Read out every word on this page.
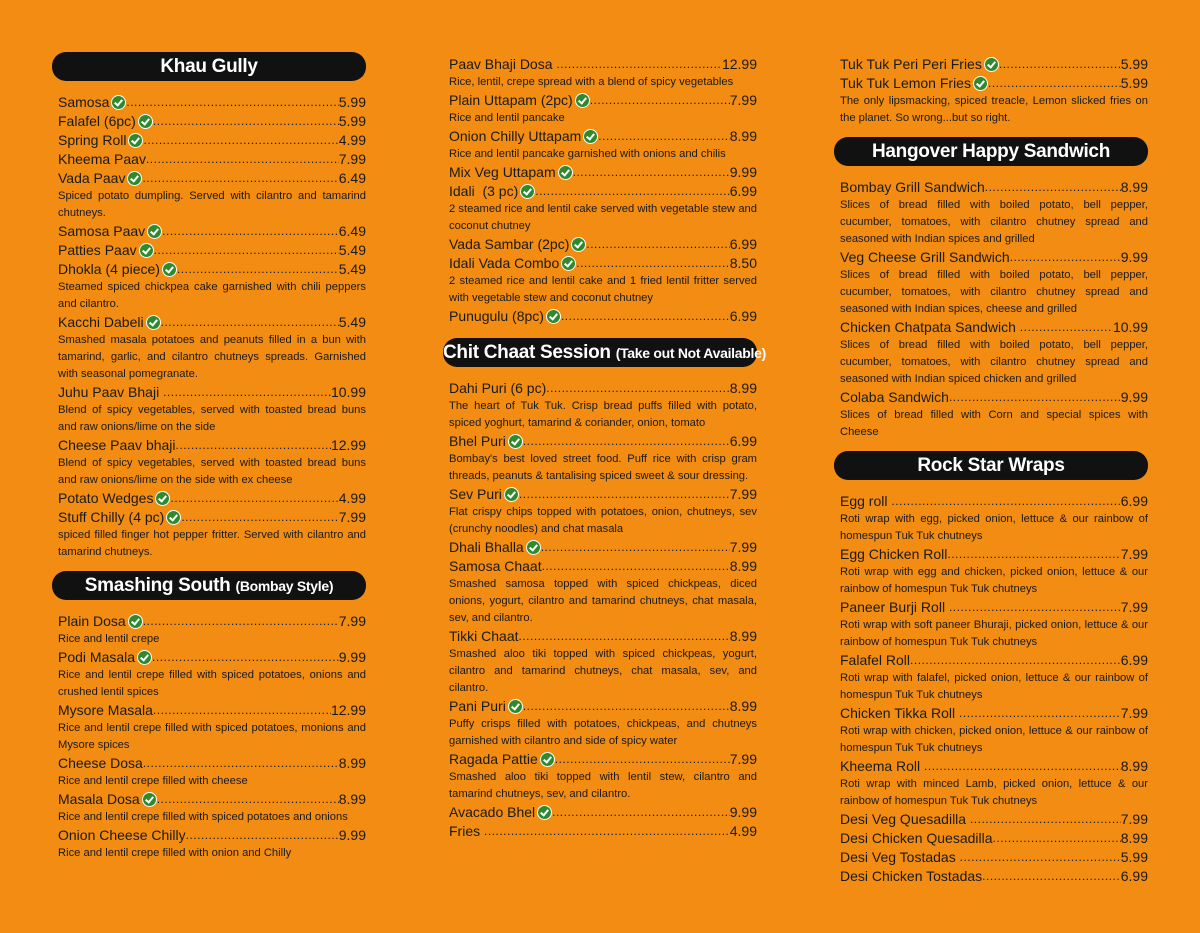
Khau Gully
Samosa .....	5.99
Falafel (6pc) .....	5.99
Spring Roll .....	4.99
Kheema Paav .....	7.99
Vada Paav .....	6.49
Spiced potato dumpling. Served with cilantro and tamarind chutneys.
Samosa Paav .....	6.49
Patties Paav .....	5.49
Dhokla (4 piece) .....	5.49
Steamed spiced chickpea cake garnished with chili peppers and cilantro.
Kacchi Dabeli .....	5.49
Smashed masala potatoes and peanuts filled in a bun with tamarind, garlic, and cilantro chutneys spreads. Garnished with seasonal pomegranate.
Juhu Paav Bhaji .....	10.99
Blend of spicy vegetables, served with toasted bread buns and raw onions/lime on the side
Cheese Paav bhaji .....	12.99
Blend of spicy vegetables, served with toasted bread buns and raw onions/lime on the side with ex cheese
Potato Wedges .....	4.99
Stuff Chilly (4 pc) .....	7.99
spiced filled finger hot pepper fritter. Served with cilantro and tamarind chutneys.
Smashing South (Bombay Style)
Plain Dosa .....	7.99
Rice and lentil crepe
Podi Masala .....	9.99
Rice and lentil crepe filled with spiced potatoes, onions and crushed lentil spices
Mysore Masala .....	12.99
Rice and lentil crepe filled with spiced potatoes, monions and Mysore spices
Cheese Dosa .....	8.99
Rice and lentil crepe filled with cheese
Masala Dosa .....	8.99
Rice and lentil crepe filled with spiced potatoes and onions
Onion Cheese Chilly .....	9.99
Rice and lentil crepe filled with onion and Chilly
Paav Bhaji Dosa .....	12.99
Rice, lentil, crepe spread with a blend of spicy vegetables
Plain Uttapam (2pc) .....	7.99
Rice and lentil pancake
Onion Chilly Uttapam .....	8.99
Rice and lentil pancake garnished with onions and chilis
Mix Veg Uttapam .....	9.99
Idali  (3 pc) .....	6.99
2 steamed rice and lentil cake served with vegetable stew and coconut chutney
Vada Sambar (2pc) .....	6.99
Idali Vada Combo .....	8.50
2 steamed rice and lentil cake and 1 fried lentil fritter served with vegetable stew and coconut chutney
Punugulu (8pc) .....	6.99
Chit Chaat Session (Take out Not Available)
Dahi Puri (6 pc) .....	8.99
The heart of Tuk Tuk. Crisp bread puffs filled with potato, spiced yoghurt, tamarind & coriander, onion, tomato
Bhel Puri .....	6.99
Bombay's best loved street food. Puff rice with crisp gram threads, peanuts & tantalising spiced sweet & sour dressing.
Sev Puri .....	7.99
Flat crispy chips topped with potatoes, onion, chutneys, sev (crunchy noodles) and chat masala
Dhali Bhalla .....	7.99
Samosa Chaat .....	8.99
Smashed samosa topped with spiced chickpeas, diced onions, yogurt, cilantro and tamarind chutneys, chat masala, sev, and cilantro.
Tikki Chaat .....	8.99
Smashed aloo tiki topped with spiced chickpeas, yogurt, cilantro and tamarind chutneys, chat masala, sev, and cilantro.
Pani Puri .....	8.99
Puffy crisps filled with potatoes, chickpeas, and chutneys garnished with cilantro and side of spicy water
Ragada Pattie .....	7.99
Smashed aloo tiki topped with lentil stew, cilantro and tamarind chutneys, sev, and cilantro.
Avacado Bhel .....	9.99
Fries .....	4.99
Tuk Tuk Peri Peri Fries .....	5.99
Tuk Tuk Lemon Fries .....	5.99
The only lipsmacking, spiced treacle, Lemon slicked fries on the planet. So wrong...but so right.
Hangover Happy Sandwich
Bombay Grill Sandwich .....	8.99
Slices of bread filled with boiled potato, bell pepper, cucumber, tomatoes, with cilantro chutney spread and seasoned with Indian spices and grilled
Veg Cheese Grill Sandwich .....	9.99
Slices of bread filled with boiled potato, bell pepper, cucumber, tomatoes, with cilantro chutney spread and seasoned with Indian spices, cheese and grilled
Chicken Chatpata Sandwich .....	10.99
Slices of bread filled with boiled potato, bell pepper, cucumber, tomatoes, with cilantro chutney spread and seasoned with Indian spiced chicken and grilled
Colaba Sandwich .....	9.99
Slices of bread filled with Corn and special spices with Cheese
Rock Star Wraps
Egg roll .....	6.99
Roti wrap with egg, picked onion, lettuce & our rainbow of homespun Tuk Tuk chutneys
Egg Chicken Roll .....	7.99
Roti wrap with egg and chicken, picked onion, lettuce & our rainbow of homespun Tuk Tuk chutneys
Paneer Burji Roll .....	7.99
Roti wrap with soft paneer Bhuraji, picked onion, lettuce & our rainbow of homespun Tuk Tuk chutneys
Falafel Roll .....	6.99
Roti wrap with falafel, picked onion, lettuce & our rainbow of homespun Tuk Tuk chutneys
Chicken Tikka Roll .....	7.99
Roti wrap with chicken, picked onion, lettuce & our rainbow of homespun Tuk Tuk chutneys
Kheema Roll .....	8.99
Roti wrap with minced Lamb, picked onion, lettuce & our rainbow of homespun Tuk Tuk chutneys
Desi Veg Quesadilla .....	7.99
Desi Chicken Quesadilla .....	8.99
Desi Veg Tostadas .....	5.99
Desi Chicken Tostadas .....	6.99
